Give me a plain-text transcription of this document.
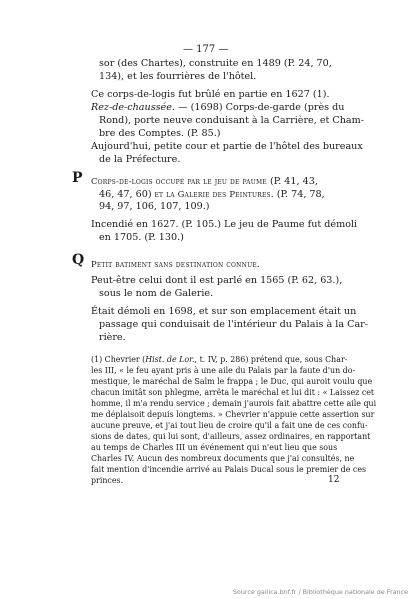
— 177 —
sor (des Chartes), construite en 1489 (P. 24, 70,
134), et les fourrières de l'hôtel.
Ce corps-de-logis fut brûlé en partie en 1627 (1).
Rez-de-chaussée. — (1698) Corps-de-garde (près du
Rond), porte neuve conduisant à la Carrière, et Cham-
bre des Comptes. (P. 85.)
Aujourd'hui, petite cour et partie de l'hôtel des bureaux
de la Préfecture.
P Corps-de-logis occupé par le jeu de paume (P. 41, 43,
46, 47, 60) et la Galerie des Peintures. (P. 74, 78,
94, 97, 106, 107, 109.)
Incendié en 1627. (P. 105.) Le jeu de Paume fut démoli
en 1705. (P. 130.)
Q Petit batiment sans destination connue.
Peut-être celui dont il est parlé en 1565 (P. 62, 63.),
sous le nom de Galerie.
Était démoli en 1698, et sur son emplacement était un
passage qui conduisait de l'intérieur du Palais à la Car-
rière.
(1) Chevrier (Hist. de Lor., t. IV, p. 286) prétend que, sous Char-
les III, « le feu ayant pris à une aile du Palais par la faute d'un do-
mestique, le maréchal de Salm le frappa ; le Duc, qui auroit voulu que
chacun imitât son phlegme, arrêta le maréchal et lui dit : « Laissez cet
homme, il m'a rendu service ; demain j'aurois fait abattre cette aile qui
me déplaisoit depuis longtems. » Chevrier n'appuie cette assertion sur
aucune preuve, et j'ai tout lieu de croire qu'il a fait une de ces confu-
sions de dates, qui lui sont, d'ailleurs, assez ordinaires, en rapportant
au temps de Charles III un événement qui n'eut lieu que sous
Charles IV. Aucun des nombreux documents que j'ai consultés, ne
fait mention d'incendie arrivé au Palais Ducal sous le premier de ces
princes.	12
Source gallica.bnf.fr / Bibliothèque nationale de France
